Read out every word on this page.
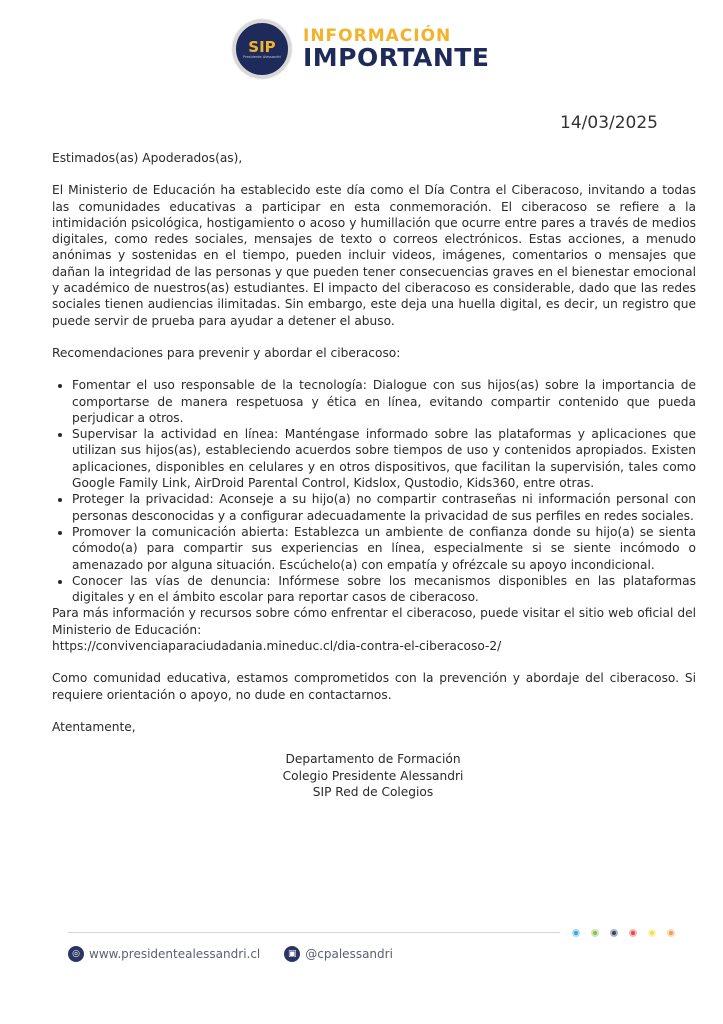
SIP
Presidente Alessandri
INFORMACIÓN
IMPORTANTE
14/03/2025

Estimados(as) Apoderados(as),

El Ministerio de Educación ha establecido este día como el Día Contra el Ciberacoso, invitando a todas las comunidades educativas a participar en esta conmemoración. El ciberacoso se refiere a la intimidación psicológica, hostigamiento o acoso y humillación que ocurre entre pares a través de medios digitales, como redes sociales, mensajes de texto o correos electrónicos. Estas acciones, a menudo anónimas y sostenidas en el tiempo, pueden incluir videos, imágenes, comentarios o mensajes que dañan la integridad de las personas y que pueden tener consecuencias graves en el bienestar emocional y académico de nuestros(as) estudiantes. El impacto del ciberacoso es considerable, dado que las redes sociales tienen audiencias ilimitadas. Sin embargo, este deja una huella digital, es decir, un registro que puede servir de prueba para ayudar a detener el abuso.

Recomendaciones para prevenir y abordar el ciberacoso:

• Fomentar el uso responsable de la tecnología: Dialogue con sus hijos(as) sobre la importancia de comportarse de manera respetuosa y ética en línea, evitando compartir contenido que pueda perjudicar a otros.
• Supervisar la actividad en línea: Manténgase informado sobre las plataformas y aplicaciones que utilizan sus hijos(as), estableciendo acuerdos sobre tiempos de uso y contenidos apropiados. Existen aplicaciones, disponibles en celulares y en otros dispositivos, que facilitan la supervisión, tales como Google Family Link, AirDroid Parental Control, Kidslox, Qustodio, Kids360, entre otras.
• Proteger la privacidad: Aconseje a su hijo(a) no compartir contraseñas ni información personal con personas desconocidas y a configurar adecuadamente la privacidad de sus perfiles en redes sociales.
• Promover la comunicación abierta: Establezca un ambiente de confianza donde su hijo(a) se sienta cómodo(a) para compartir sus experiencias en línea, especialmente si se siente incómodo o amenazado por alguna situación. Escúchelo(a) con empatía y ofrézcale su apoyo incondicional.
• Conocer las vías de denuncia: Infórmese sobre los mecanismos disponibles en las plataformas digitales y en el ámbito escolar para reportar casos de ciberacoso.

Para más información y recursos sobre cómo enfrentar el ciberacoso, puede visitar el sitio web oficial del Ministerio de Educación:

https://convivenciaparaciudadania.mineduc.cl/dia-contra-el-ciberacoso-2/

Como comunidad educativa, estamos comprometidos con la prevención y abordaje del ciberacoso. Si requiere orientación o apoyo, no dude en contactarnos.

Atentamente,

Departamento de Formación
Colegio Presidente Alessandri
SIP Red de Colegios
◎ www.presidentealessandri.cl	▣ @cpalessandri
